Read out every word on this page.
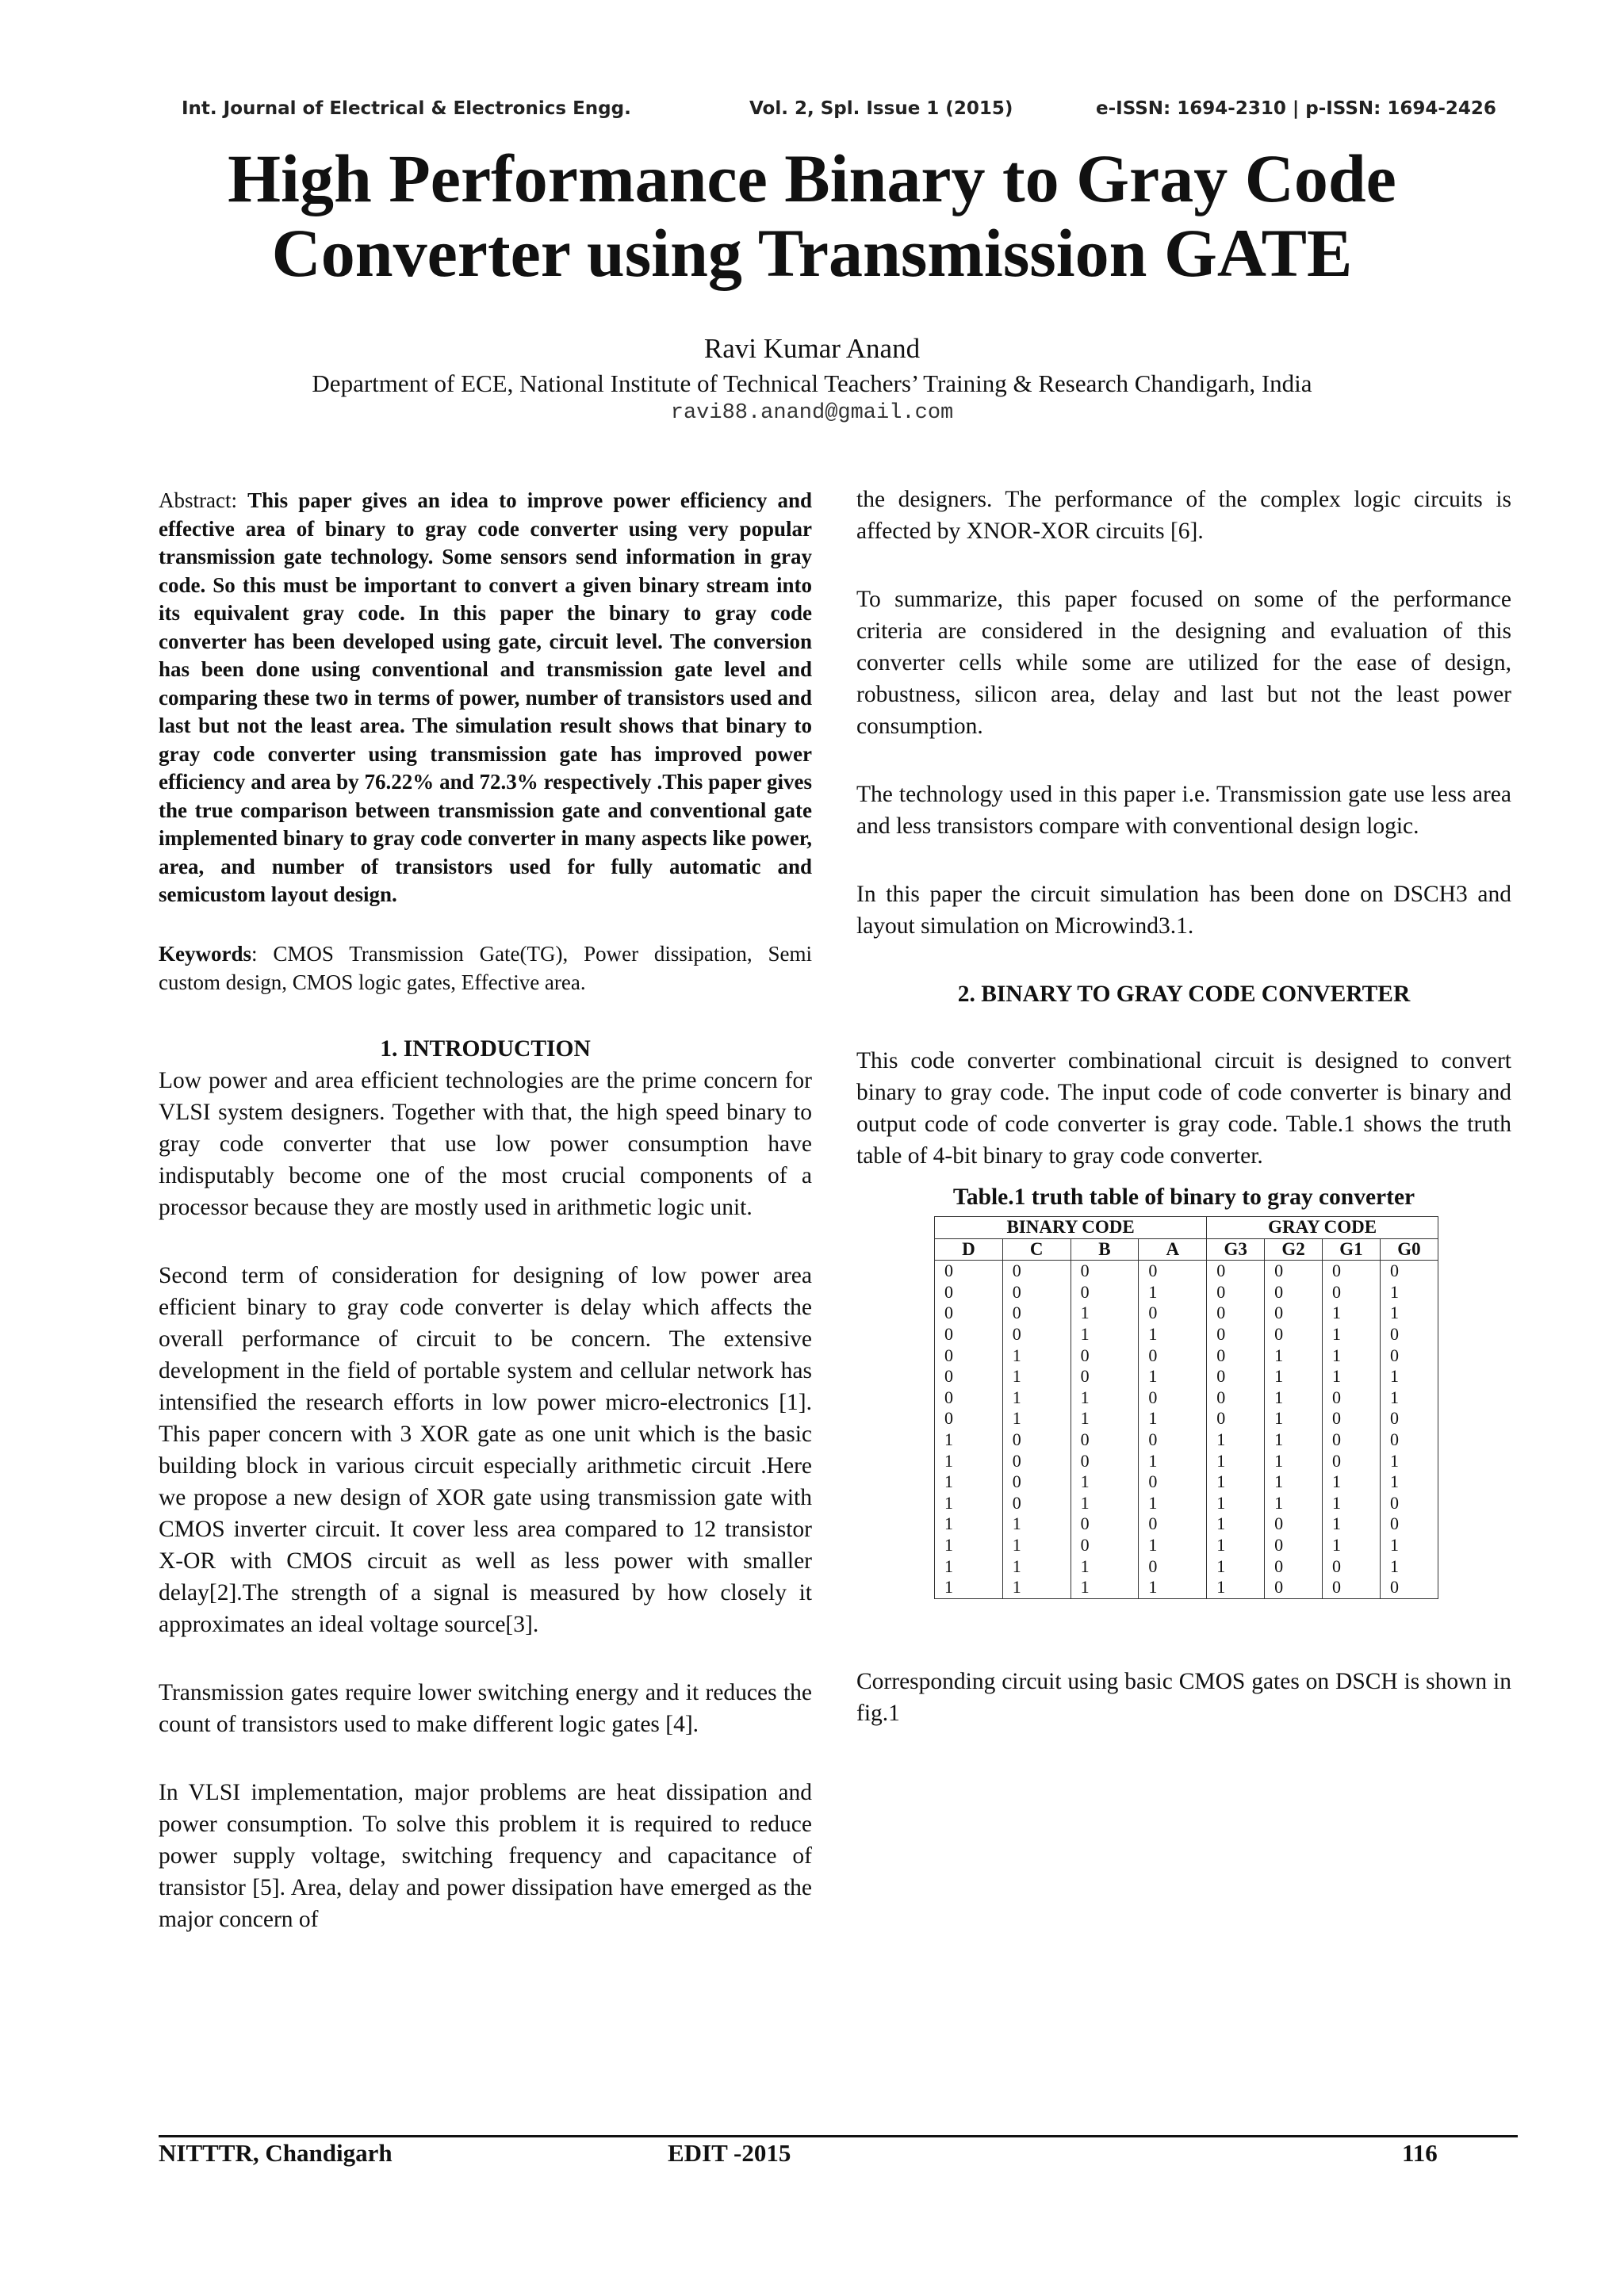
Int. Journal of Electrical & Electronics Engg.	Vol. 2, Spl. Issue 1 (2015)	e-ISSN: 1694-2310 | p-ISSN: 1694-2426
High Performance Binary to Gray Code
Converter using Transmission GATE
Ravi Kumar Anand
Department of ECE, National Institute of Technical Teachers’ Training & Research Chandigarh, India
ravi88.anand@gmail.com

Abstract: This paper gives an idea to improve power efficiency and effective area of binary to gray code converter using very popular transmission gate technology. Some sensors send information in gray code. So this must be important to convert a given binary stream into its equivalent gray code. In this paper the binary to gray code converter has been developed using gate, circuit level. The conversion has been done using conventional and transmission gate level and comparing these two in terms of power, number of transistors used and last but not the least area. The simulation result shows that binary to gray code converter using transmission gate has improved power efficiency and area by 76.22% and 72.3% respectively .This paper gives the true comparison between transmission gate and conventional gate implemented binary to gray code converter in many aspects like power, area, and number of transistors used for fully automatic and semicustom layout design.

Keywords: CMOS Transmission Gate(TG), Power dissipation, Semi custom design, CMOS logic gates, Effective area.

1. INTRODUCTION

Low power and area efficient technologies are the prime concern for VLSI system designers. Together with that, the high speed binary to gray code converter that use low power consumption have indisputably become one of the most crucial components of a processor because they are mostly used in arithmetic logic unit.

Second term of consideration for designing of low power area efficient binary to gray code converter is delay which affects the overall performance of circuit to be concern. The extensive development in the field of portable system and cellular network has intensified the research efforts in low power micro-electronics [1]. This paper concern with 3 XOR gate as one unit which is the basic building block in various circuit especially arithmetic circuit .Here we propose a new design of XOR gate using transmission gate with CMOS inverter circuit. It cover less area compared to 12 transistor X-OR with CMOS circuit as well as less power with smaller delay[2].The strength of a signal is measured by how closely it approximates an ideal voltage source[3].

Transmission gates require lower switching energy and it reduces the count of transistors used to make different logic gates [4].

In VLSI implementation, major problems are heat dissipation and power consumption. To solve this problem it is required to reduce power supply voltage, switching frequency and capacitance of transistor [5]. Area, delay and power dissipation have emerged as the major concern of

the designers. The performance of the complex logic circuits is affected by XNOR-XOR circuits [6].

To summarize, this paper focused on some of the performance criteria are considered in the designing and evaluation of this converter cells while some are utilized for the ease of design, robustness, silicon area, delay and last but not the least power consumption.

The technology used in this paper i.e. Transmission gate use less area and less transistors compare with conventional design logic.

In this paper the circuit simulation has been done on DSCH3 and layout simulation on Microwind3.1.

2. BINARY TO GRAY CODE CONVERTER

This code converter combinational circuit is designed to convert binary to gray code. The input code of code converter is binary and output code of code converter is gray code. Table.1 shows the truth table of 4-bit binary to gray code converter.

Table.1 truth table of binary to gray converter

BINARY CODE				GRAY CODE			
D	C	B	A	G3	G2	G1	G0
0	0	0	0	0	0	0	0
0	0	0	1	0	0	0	1
0	0	1	0	0	0	1	1
0	0	1	1	0	0	1	0
0	1	0	0	0	1	1	0
0	1	0	1	0	1	1	1
0	1	1	0	0	1	0	1
0	1	1	1	0	1	0	0
1	0	0	0	1	1	0	0
1	0	0	1	1	1	0	1
1	0	1	0	1	1	1	1
1	0	1	1	1	1	1	0
1	1	0	0	1	0	1	0
1	1	0	1	1	0	1	1
1	1	1	0	1	0	0	1
1	1	1	1	1	0	0	0

Corresponding circuit using basic CMOS gates on DSCH is shown in fig.1

NITTTR, Chandigarh	EDIT -2015	116
